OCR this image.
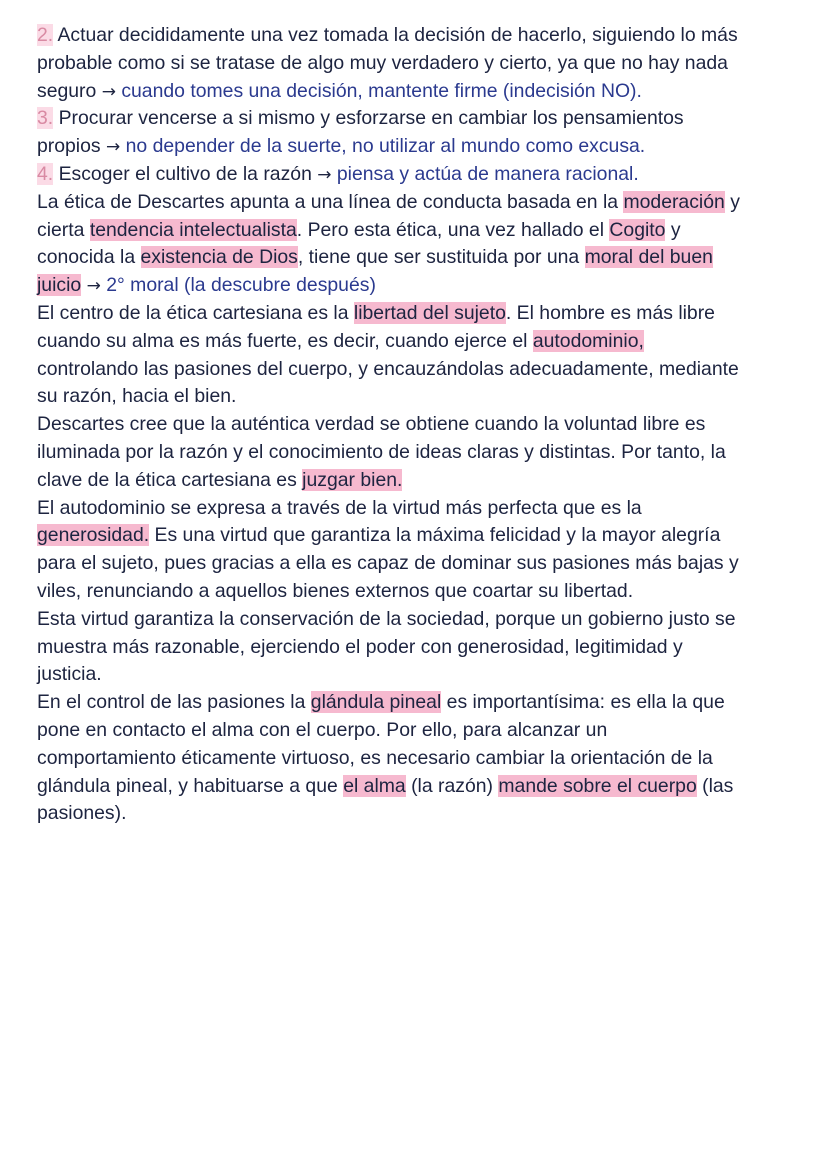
2. Actuar decididamente una vez tomada la decisión de hacerlo, siguiendo lo más
probable como si se tratase de algo muy verdadero y cierto, ya que no hay nada
seguro → cuando tomes una decisión, mantente firme (indecisión NO).
3. Procurar vencerse a si mismo y esforzarse en cambiar los pensamientos
propios → no depender de la suerte, no utilizar al mundo como excusa.
4. Escoger el cultivo de la razón → piensa y actúa de manera racional.
La ética de Descartes apunta a una línea de conducta basada en la moderación y
cierta tendencia intelectualista. Pero esta ética, una vez hallado el Cogito y
conocida la existencia de Dios, tiene que ser sustituida por una moral del buen
juicio → 2° moral (la descubre después)
El centro de la ética cartesiana es la libertad del sujeto. El hombre es más libre
cuando su alma es más fuerte, es decir, cuando ejerce el autodominio,
controlando las pasiones del cuerpo, y encauzándolas adecuadamente, mediante
su razón, hacia el bien.
Descartes cree que la auténtica verdad se obtiene cuando la voluntad libre es
iluminada por la razón y el conocimiento de ideas claras y distintas. Por tanto, la
clave de la ética cartesiana es juzgar bien.
El autodominio se expresa a través de la virtud más perfecta que es la
generosidad. Es una virtud que garantiza la máxima felicidad y la mayor alegría
para el sujeto, pues gracias a ella es capaz de dominar sus pasiones más bajas y
viles, renunciando a aquellos bienes externos que coartar su libertad.
Esta virtud garantiza la conservación de la sociedad, porque un gobierno justo se
muestra más razonable, ejerciendo el poder con generosidad, legitimidad y
justicia.
En el control de las pasiones la glándula pineal es importantísima: es ella la que
pone en contacto el alma con el cuerpo. Por ello, para alcanzar un
comportamiento éticamente virtuoso, es necesario cambiar la orientación de la
glándula pineal, y habituarse a que el alma (la razón) mande sobre el cuerpo (las
pasiones).
